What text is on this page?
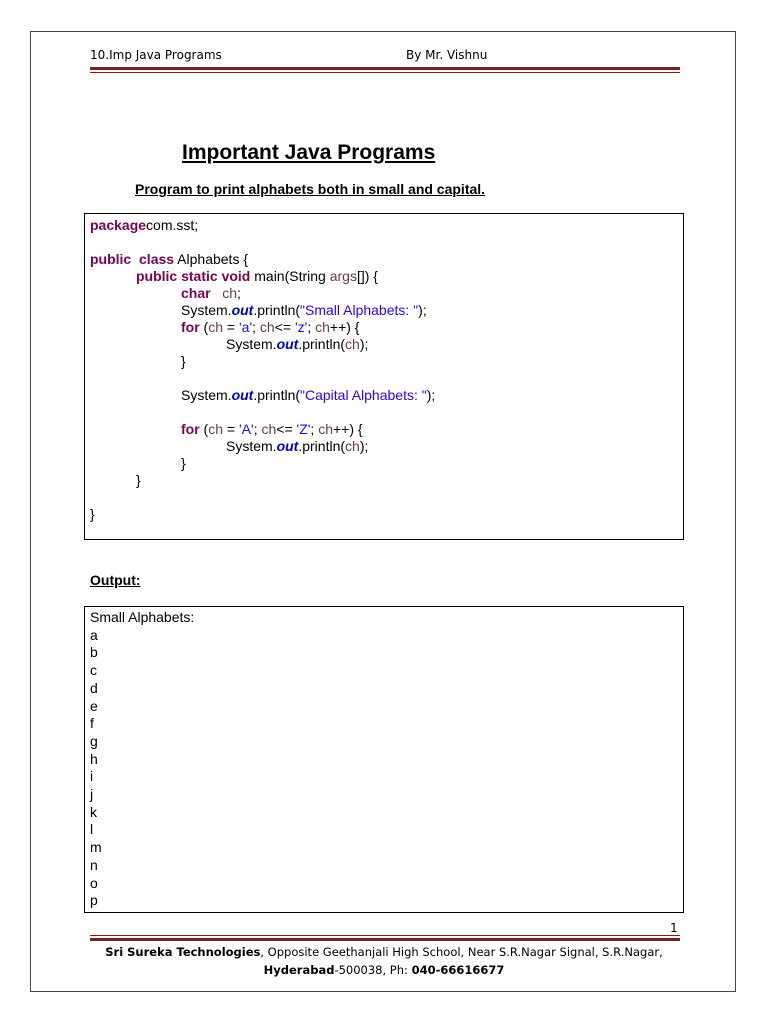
10.Imp Java Programs	By Mr. Vishnu
Important Java Programs
Program to print alphabets both in small and capital.
packagecom.sst;
public class Alphabets {
public static void main(String args[]) {
char ch;
System.out.println("Small Alphabets: ");
for (ch = 'a'; ch<= 'z'; ch++) {
System.out.println(ch);
}
System.out.println("Capital Alphabets: ");
for (ch = 'A'; ch<= 'Z'; ch++) {
System.out.println(ch);
}
}
}
Output:
Small Alphabets:
a
b
c
d
e
f
g
h
i
j
k
l
m
n
o
p
1
Sri Sureka Technologies, Opposite Geethanjali High School, Near S.R.Nagar Signal, S.R.Nagar,
Hyderabad-500038, Ph: 040-66616677
